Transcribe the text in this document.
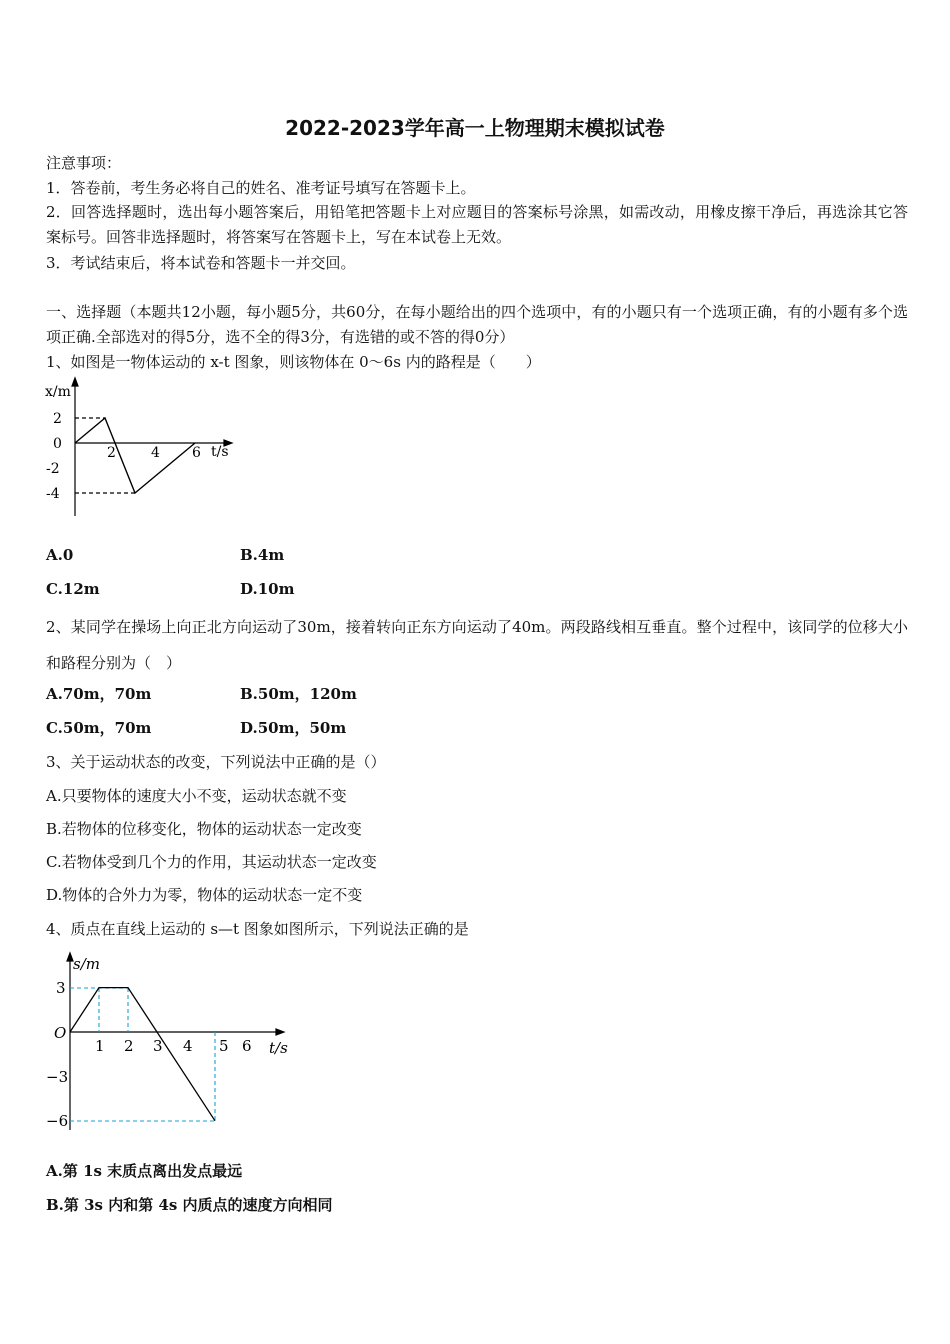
2022-2023学年高一上物理期末模拟试卷
注意事项：
1．答卷前，考生务必将自己的姓名、准考证号填写在答题卡上。
2．回答选择题时，选出每小题答案后，用铅笔把答题卡上对应题目的答案标号涂黑，如需改动，用橡皮擦干净后，再选涂其它答案标号。回答非选择题时，将答案写在答题卡上，写在本试卷上无效。
3．考试结束后，将本试卷和答题卡一并交回。
一、选择题（本题共12小题，每小题5分，共60分，在每小题给出的四个选项中，有的小题只有一个选项正确，有的小题有多个选项正确.全部选对的得5分，选不全的得3分，有选错的或不答的得0分）
1、如图是一物体运动的 x-t 图象，则该物体在 0～6s 内的路程是（　　）
x/m
t/s
2
0
-2
-4
2	4 6
A.0	B.4m
C.12m	D.10m
2、某同学在操场上向正北方向运动了30m，接着转向正东方向运动了40m。两段路线相互垂直。整个过程中，该同学的位移大小和路程分别为（　）
A.70m，70m	B.50m，120m
C.50m，70m	D.50m，50m
3、关于运动状态的改变，下列说法中正确的是（）
A.只要物体的速度大小不变，运动状态就不变
B.若物体的位移变化，物体的运动状态一定改变
C.若物体受到几个力的作用，其运动状态一定改变
D.物体的合外力为零，物体的运动状态一定不变
4、质点在直线上运动的 s—t 图象如图所示，下列说法正确的是
s/m
t/s
O
3
−3
−6
1 2 3 4 5 6
A.第 1s 末质点离出发点最远
B.第 3s 内和第 4s 内质点的速度方向相同
